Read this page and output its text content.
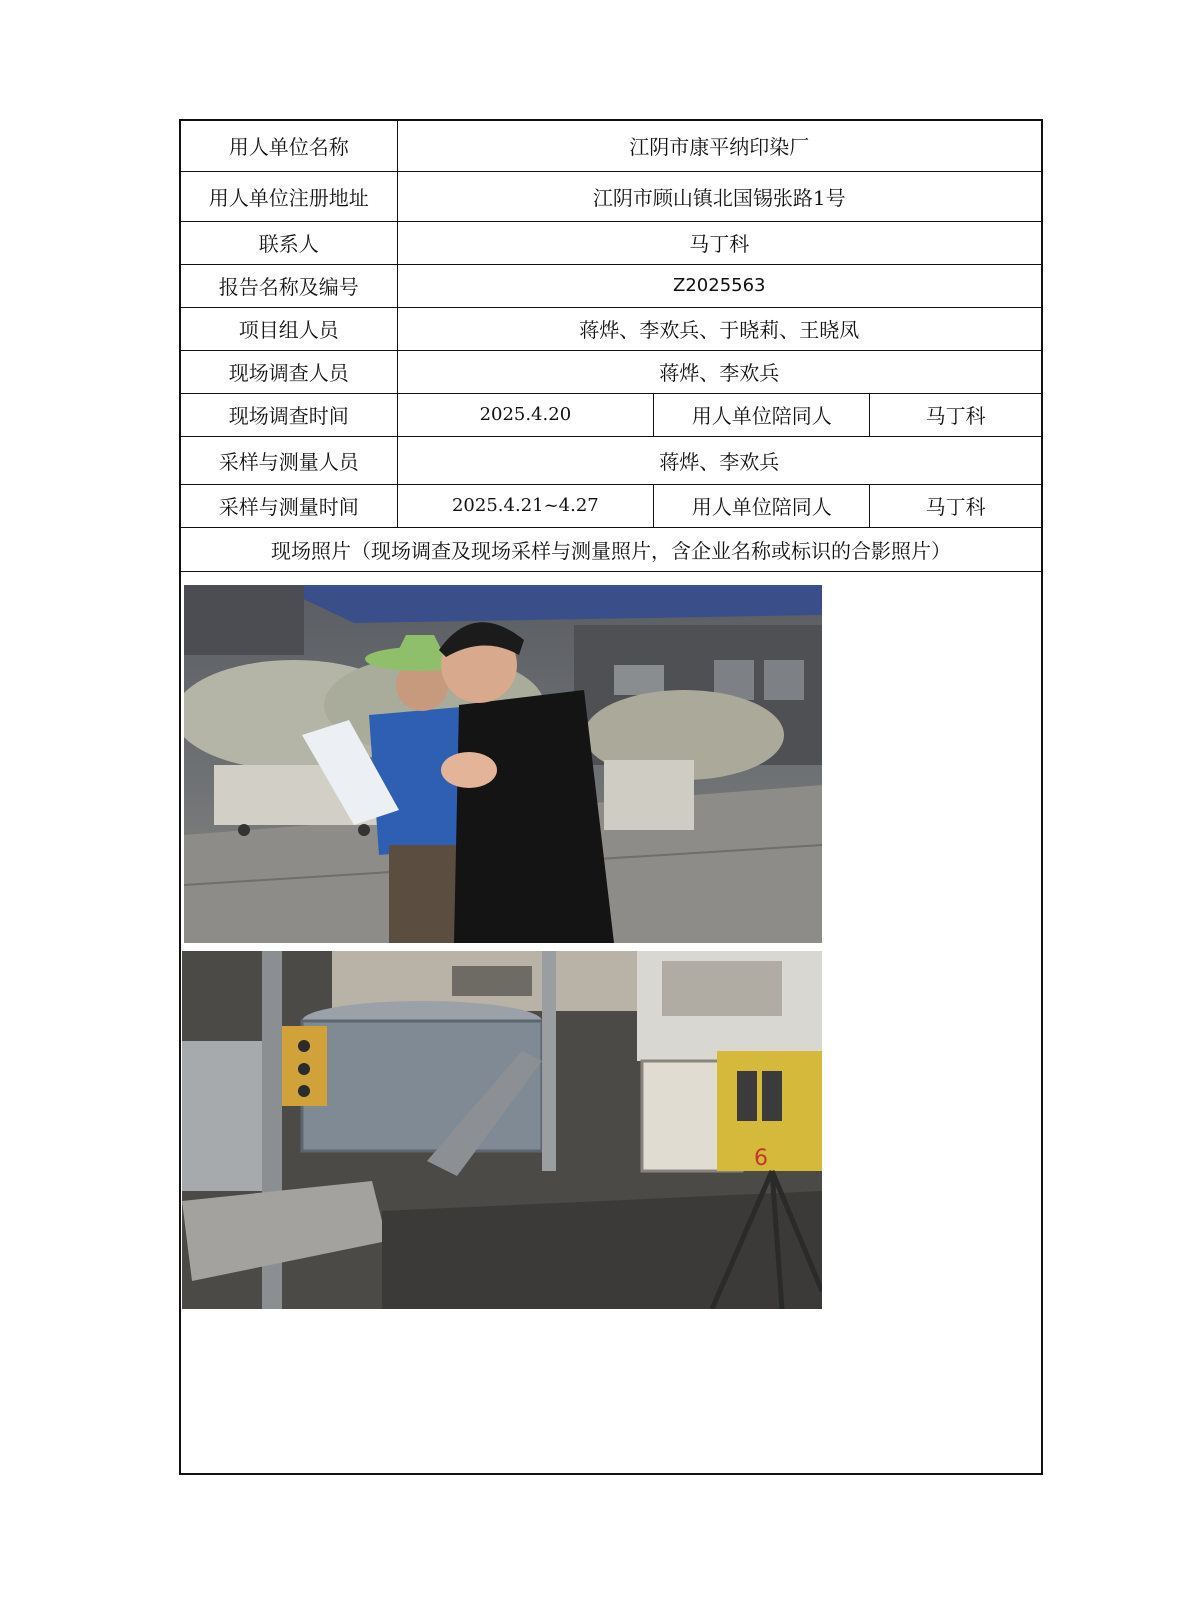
用人单位名称	江阴市康平纳印染厂		
用人单位注册地址	江阴市顾山镇北国锡张路1号		
联系人	马丁科		
报告名称及编号	Z2025563		
项目组人员	蒋烨、李欢兵、于晓莉、王晓凤		
现场调查人员	蒋烨、李欢兵		
现场调查时间	2025.4.20	用人单位陪同人	马丁科
采样与测量人员	蒋烨、李欢兵		
采样与测量时间	2025.4.21~4.27	用人单位陪同人	马丁科
现场照片（现场调查及现场采样与测量照片，含企业名称或标识的合影照片）			
6
